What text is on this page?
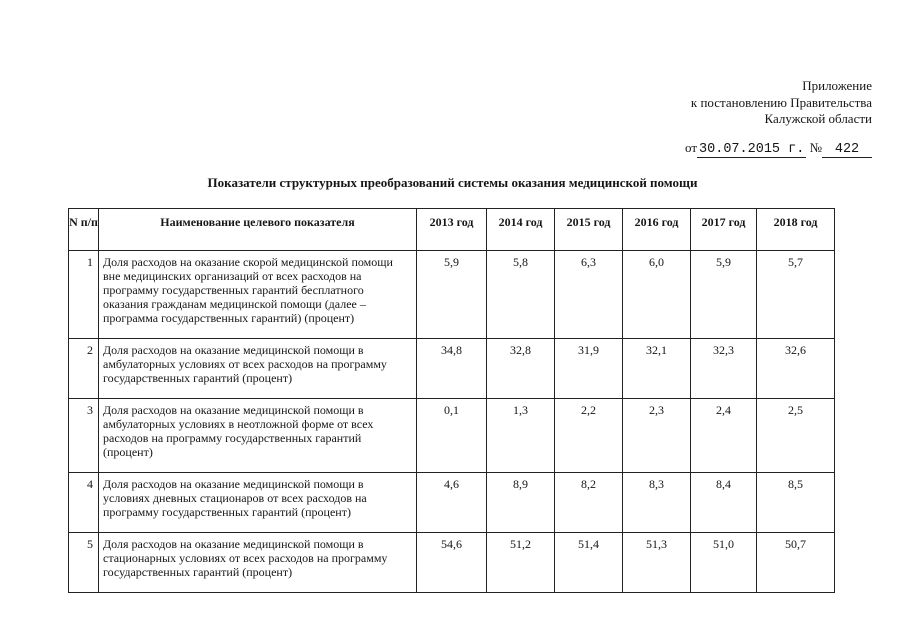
Приложение
к постановлению Правительства
Калужской области
от 30.07.2015 г. № 422
Показатели структурных преобразований системы оказания медицинской помощи
N п/п	Наименование целевого показателя	2013 год	2014 год	2015 год	2016 год	2017 год	2018 год
1	Доля расходов на оказание скорой медицинской помощи вне медицинских организаций от всех расходов на программу государственных гарантий бесплатного оказания гражданам медицинской помощи (далее – программа государственных гарантий) (процент)	5,9	5,8	6,3	6,0	5,9	5,7
2	Доля расходов на оказание медицинской помощи в амбулаторных условиях от всех расходов на программу государственных гарантий (процент)	34,8	32,8	31,9	32,1	32,3	32,6
3	Доля расходов на оказание медицинской помощи в амбулаторных условиях в неотложной форме от всех расходов на программу государственных гарантий (процент)	0,1	1,3	2,2	2,3	2,4	2,5
4	Доля расходов на оказание медицинской помощи в условиях дневных стационаров от всех расходов на программу государственных гарантий (процент)	4,6	8,9	8,2	8,3	8,4	8,5
5	Доля расходов на оказание медицинской помощи в стационарных условиях от всех расходов на программу государственных гарантий (процент)	54,6	51,2	51,4	51,3	51,0	50,7
